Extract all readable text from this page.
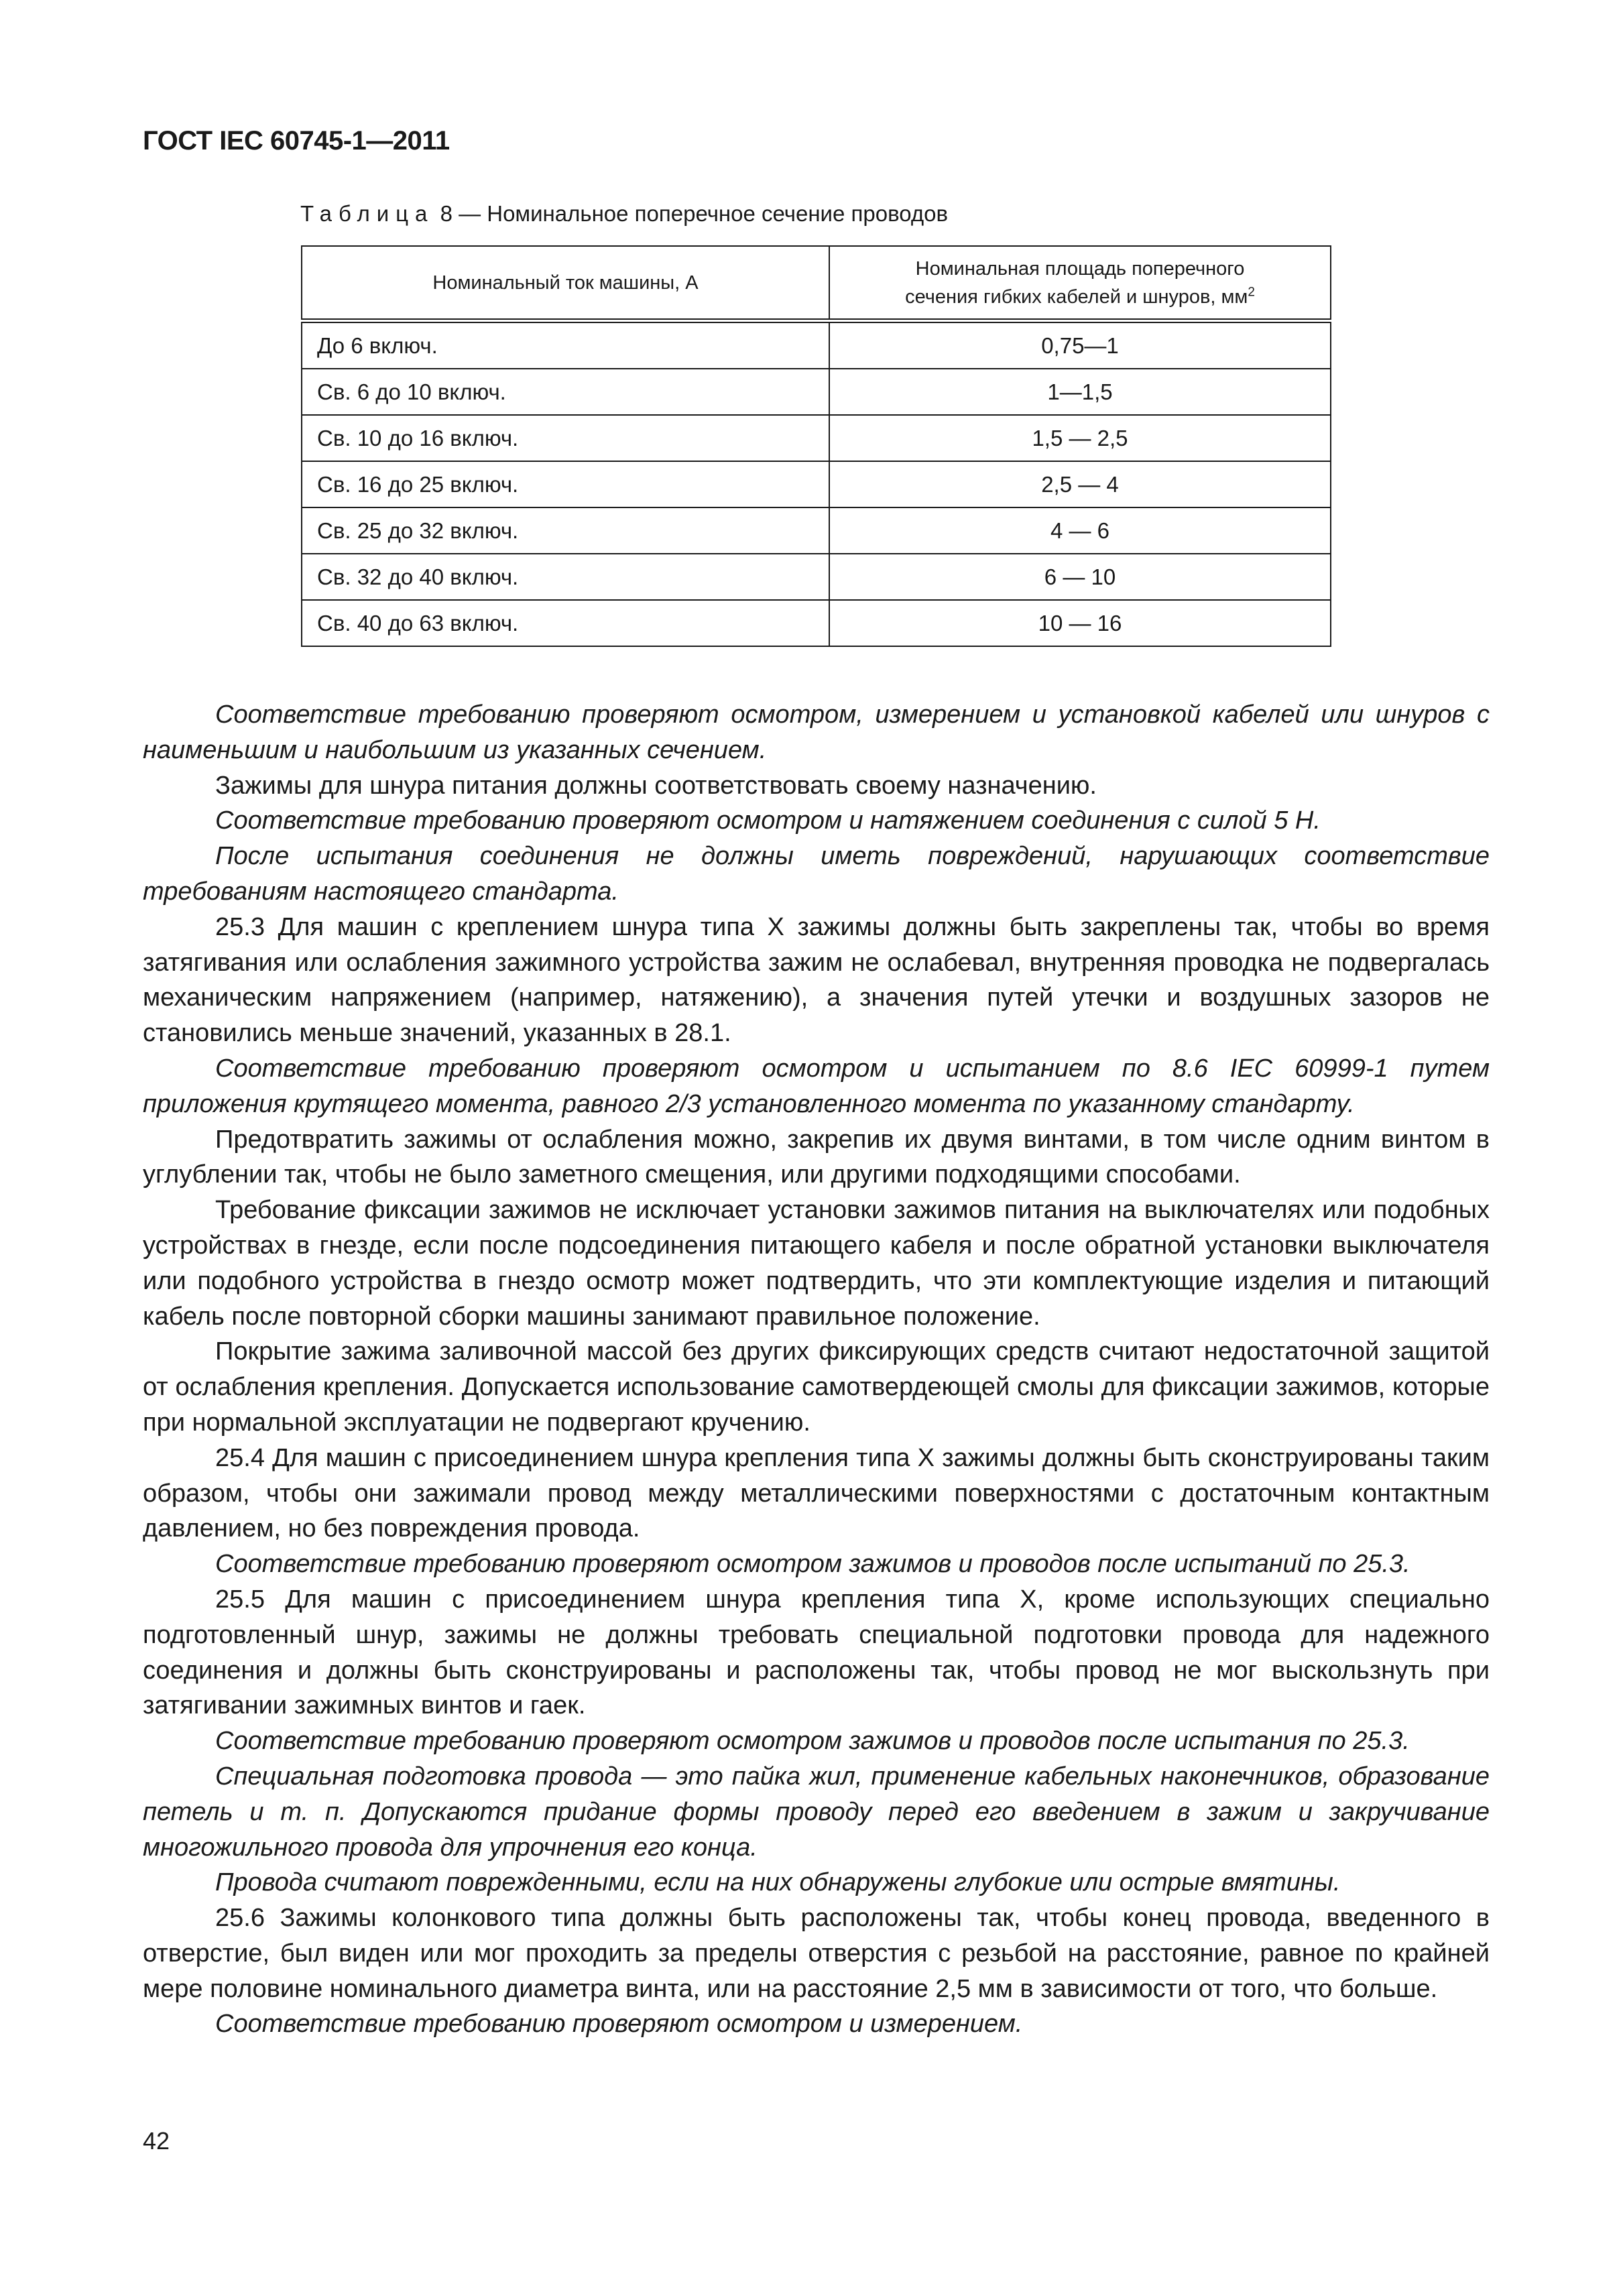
ГОСТ IEC 60745-1—2011
Таблица 8 — Номинальное поперечное сечение проводов
Номинальный ток машины, А	Номинальная площадь поперечного
сечения гибких кабелей и шнуров, $мм^2$
До 6 включ.	0,75—1
Св. 6 до 10 включ.	1—1,5
Св. 10 до 16 включ.	1,5 — 2,5
Св. 16 до 25 включ.	2,5 — 4
Св. 25 до 32 включ.	4 — 6
Св. 32 до 40 включ.	6 — 10
Св. 40 до 63 включ.	10 — 16

Соответствие требованию проверяют осмотром, измерением и установкой кабелей или шнуров с наименьшим и наибольшим из указанных сечением.

Зажимы для шнура питания должны соответствовать своему назначению.

Соответствие требованию проверяют осмотром и натяжением соединения с силой 5 Н.

После испытания соединения не должны иметь повреждений, нарушающих соответствие требованиям настоящего стандарта.

25.3 Для машин с креплением шнура типа X зажимы должны быть закреплены так, чтобы во время затягивания или ослабления зажимного устройства зажим не ослабевал, внутренняя проводка не подвергалась механическим напряжением (например, натяжению), а значения путей утечки и воздушных зазоров не становились меньше значений, указанных в 28.1.

Соответствие требованию проверяют осмотром и испытанием по 8.6 IEC 60999-1 путем приложения крутящего момента, равного 2/3 установленного момента по указанному стандарту.

Предотвратить зажимы от ослабления можно, закрепив их двумя винтами, в том числе одним винтом в углублении так, чтобы не было заметного смещения, или другими подходящими способами.

Требование фиксации зажимов не исключает установки зажимов питания на выключателях или подобных устройствах в гнезде, если после подсоединения питающего кабеля и после обратной установки выключателя или подобного устройства в гнездо осмотр может подтвердить, что эти комплектующие изделия и питающий кабель после повторной сборки машины занимают правильное положение.

Покрытие зажима заливочной массой без других фиксирующих средств считают недостаточной защитой от ослабления крепления. Допускается использование самотвердеющей смолы для фиксации зажимов, которые при нормальной эксплуатации не подвергают кручению.

25.4 Для машин с присоединением шнура крепления типа X зажимы должны быть сконструированы таким образом, чтобы они зажимали провод между металлическими поверхностями с достаточным контактным давлением, но без повреждения провода.

Соответствие требованию проверяют осмотром зажимов и проводов после испытаний по 25.3.

25.5 Для машин с присоединением шнура крепления типа X, кроме использующих специально подготовленный шнур, зажимы не должны требовать специальной подготовки провода для надежного соединения и должны быть сконструированы и расположены так, чтобы провод не мог выскользнуть при затягивании зажимных винтов и гаек.

Соответствие требованию проверяют осмотром зажимов и проводов после испытания по 25.3.

Специальная подготовка провода — это пайка жил, применение кабельных наконечников, образование петель и т. п. Допускаются придание формы проводу перед его введением в зажим и закручивание многожильного провода для упрочнения его конца.

Провода считают поврежденными, если на них обнаружены глубокие или острые вмятины.

25.6 Зажимы колонкового типа должны быть расположены так, чтобы конец провода, введенного в отверстие, был виден или мог проходить за пределы отверстия с резьбой на расстояние, равное по крайней мере половине номинального диаметра винта, или на расстояние 2,5 мм в зависимости от того, что больше.

Соответствие требованию проверяют осмотром и измерением.

42
